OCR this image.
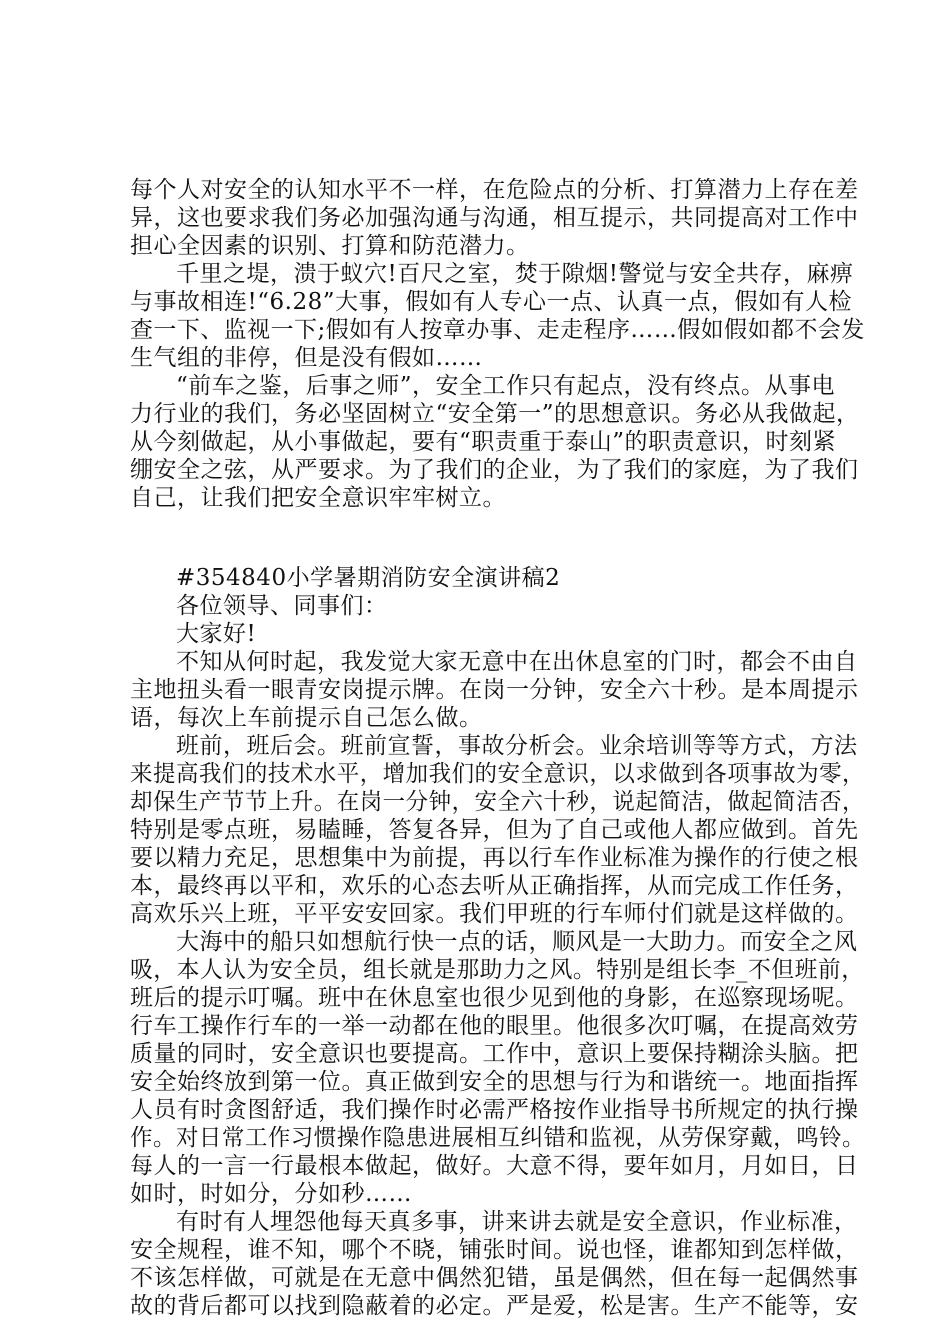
每个人对安全的认知水平不一样，在危险点的分析、打算潜力上存在差
异，这也要求我们务必加强沟通与沟通，相互提示，共同提高对工作中
担心全因素的识别、打算和防范潜力。
千里之堤，溃于蚁穴!百尺之室，焚于隙烟!警觉与安全共存，麻痹
与事故相连!“6.28”大事，假如有人专心一点、认真一点，假如有人检
查一下、监视一下;假如有人按章办事、走走程序……假如假如都不会发
生气组的非停，但是没有假如……
“前车之鉴，后事之师”，安全工作只有起点，没有终点。从事电
力行业的我们，务必坚固树立“安全第一”的思想意识。务必从我做起，
从今刻做起，从小事做起，要有“职责重于泰山”的职责意识，时刻紧
绷安全之弦，从严要求。为了我们的企业，为了我们的家庭，为了我们
自己，让我们把安全意识牢牢树立。
#354840小学暑期消防安全演讲稿2
各位领导、同事们：
大家好!
不知从何时起，我发觉大家无意中在出休息室的门时，都会不由自
主地扭头看一眼青安岗提示牌。在岗一分钟，安全六十秒。是本周提示
语，每次上车前提示自己怎么做。
班前，班后会。班前宣誓，事故分析会。业余培训等等方式，方法
来提高我们的技术水平，增加我们的安全意识，以求做到各项事故为零，
却保生产节节上升。在岗一分钟，安全六十秒，说起简洁，做起简洁否，
特别是零点班，易瞌睡，答复各异，但为了自己或他人都应做到。首先
要以精力充足，思想集中为前提，再以行车作业标准为操作的行使之根
本，最终再以平和，欢乐的心态去听从正确指挥，从而完成工作任务，
高欢乐兴上班，平平安安回家。我们甲班的行车师付们就是这样做的。
大海中的船只如想航行快一点的话，顺风是一大助力。而安全之风
吸，本人认为安全员，组长就是那助力之风。特别是组长李_不但班前，
班后的提示叮嘱。班中在休息室也很少见到他的身影，在巡察现场呢。
行车工操作行车的一举一动都在他的眼里。他很多次叮嘱，在提高效劳
质量的同时，安全意识也要提高。工作中，意识上要保持糊涂头脑。把
安全始终放到第一位。真正做到安全的思想与行为和谐统一。地面指挥
人员有时贪图舒适，我们操作时必需严格按作业指导书所规定的执行操
作。对日常工作习惯操作隐患进展相互纠错和监视，从劳保穿戴，鸣铃。
每人的一言一行最根本做起，做好。大意不得，要年如月，月如日，日
如时，时如分，分如秒……
有时有人埋怨他每天真多事，讲来讲去就是安全意识，作业标准，
安全规程，谁不知，哪个不晓，铺张时间。说也怪，谁都知到怎样做，
不该怎样做，可就是在无意中偶然犯错，虽是偶然，但在每一起偶然事
故的背后都可以找到隐蔽着的必定。严是爱，松是害。生产不能等，安
